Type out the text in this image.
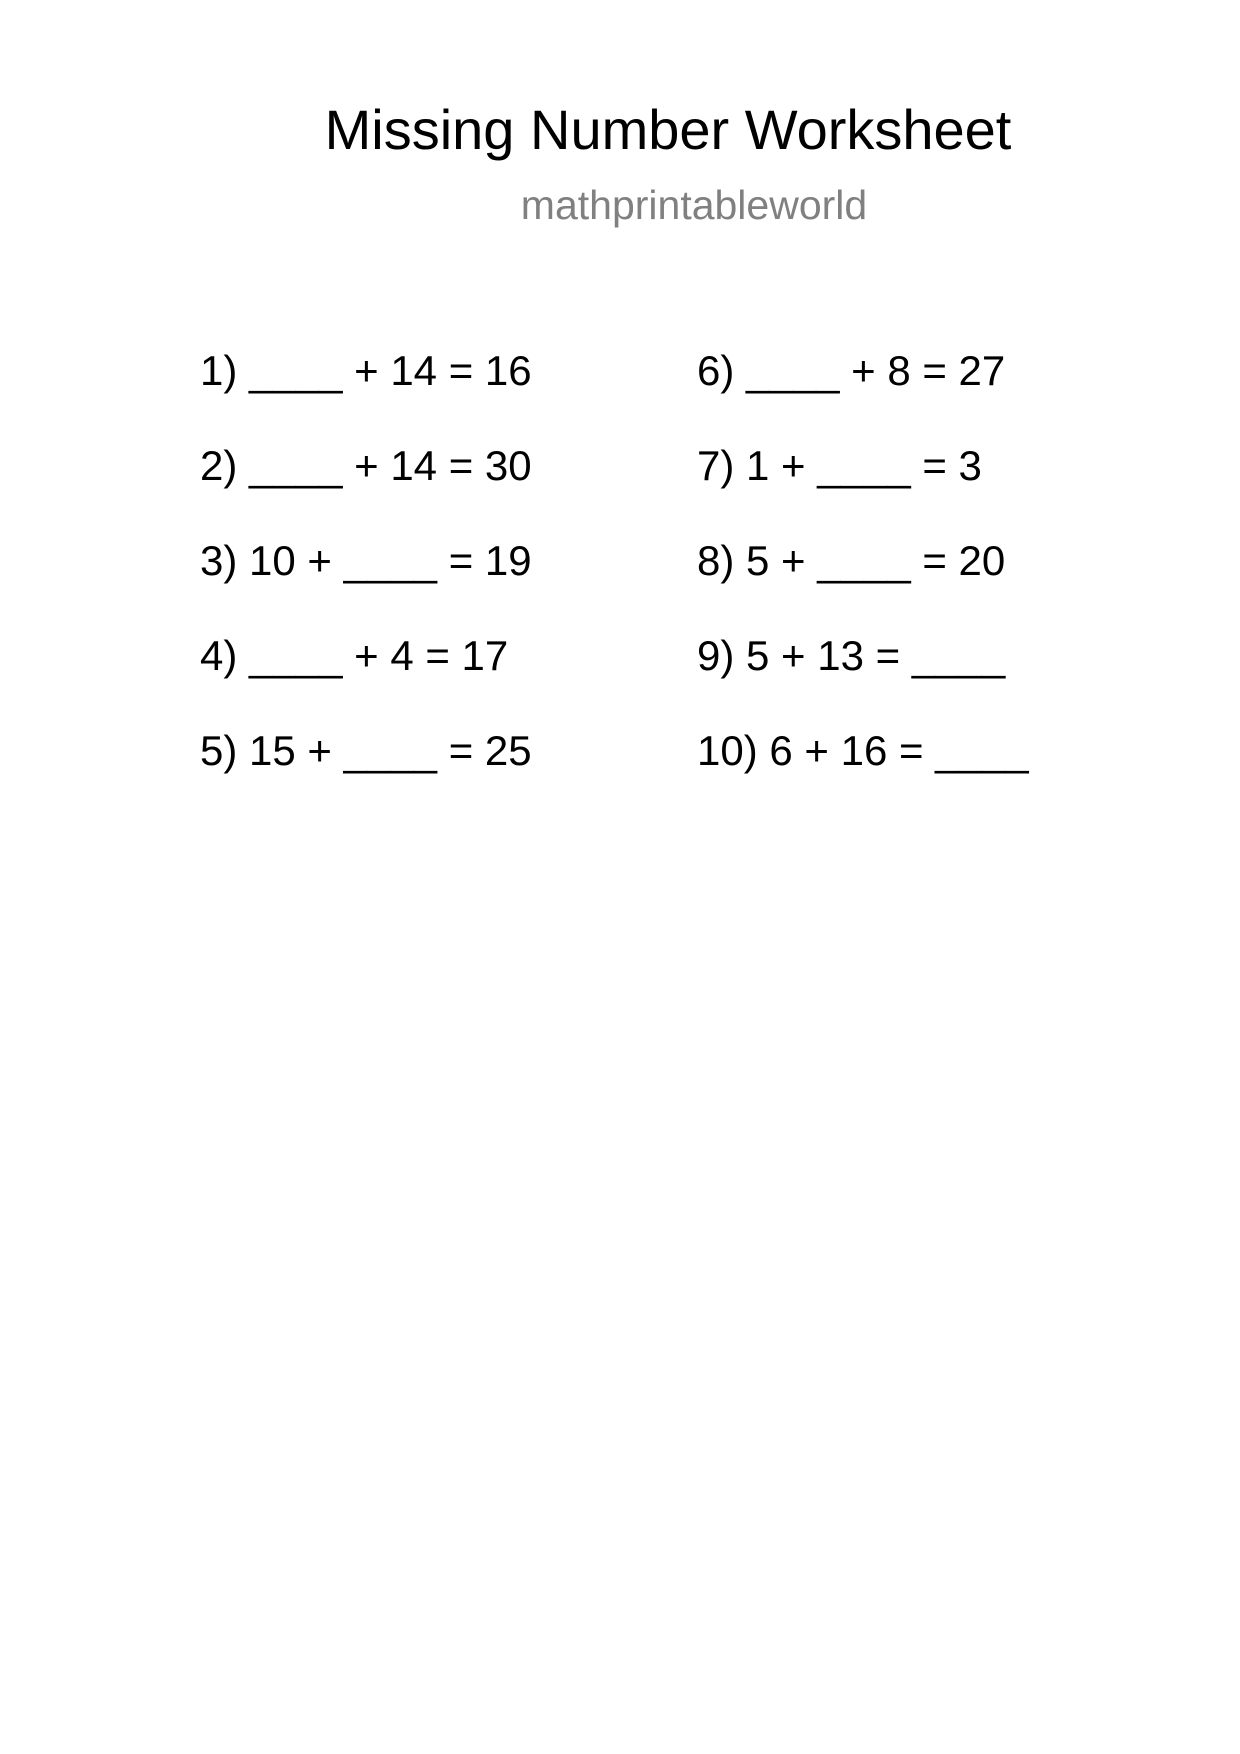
Missing Number Worksheet
mathprintableworld
1) ____ + 14 = 16
2) ____ + 14 = 30
3) 10 + ____ = 19
4) ____ + 4 = 17
5) 15 + ____ = 25
6) ____ + 8 = 27
7) 1 + ____ = 3
8) 5 + ____ = 20
9) 5 + 13 = ____
10) 6 + 16 = ____
